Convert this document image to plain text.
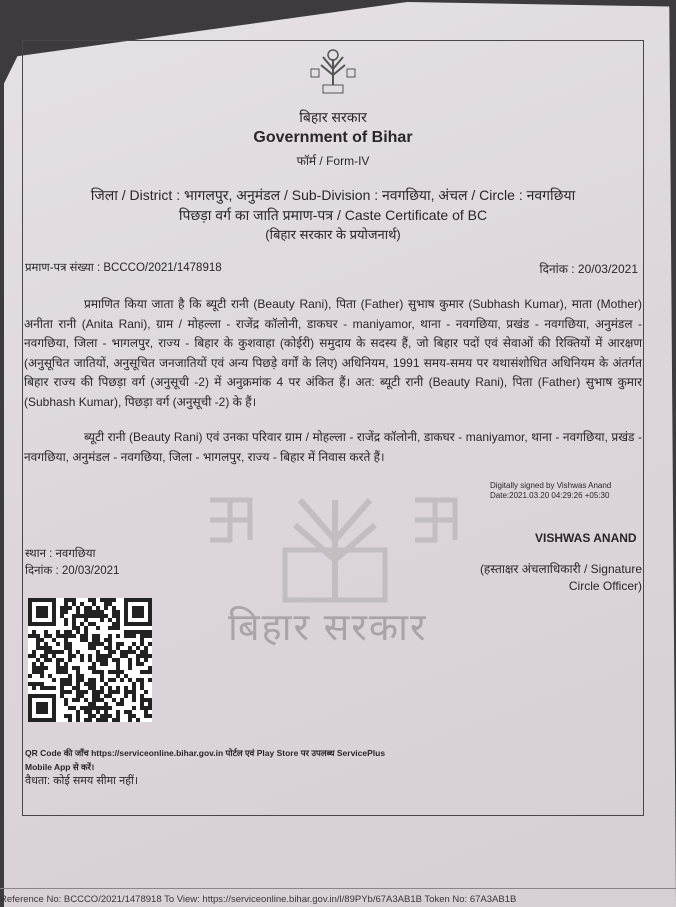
बिहार सरकार
Government of Bihar
फॉर्म / Form-IV
जिला / District : भागलपुर, अनुमंडल / Sub-Division : नवगछिया, अंचल / Circle : नवगछिया
पिछड़ा वर्ग का जाति प्रमाण-पत्र / Caste Certificate of BC
(बिहार सरकार के प्रयोजनार्थ)
प्रमाण-पत्र संख्या : BCCCO/2021/1478918	दिनांक : 20/03/2021
बिहार सरकार
प्रमाणित किया जाता है कि ब्यूटी रानी (Beauty Rani), पिता (Father) सुभाष कुमार (Subhash Kumar), माता (Mother) अनीता रानी (Anita Rani), ग्राम / मोहल्ला - राजेंद्र कॉलोनी, डाकघर - maniyamor, थाना - नवगछिया, प्रखंड - नवगछिया, अनुमंडल - नवगछिया, जिला - भागलपुर, राज्य - बिहार के कुशवाहा (कोईरी) समुदाय के सदस्य हैं, जो बिहार पदों एवं सेवाओं की रिक्तियों में आरक्षण (अनुसूचित जातियों, अनुसूचित जनजातियों एवं अन्य पिछड़े वर्गों के लिए) अधिनियम, 1991 समय-समय पर यथासंशोधित अधिनियम के अंतर्गत बिहार राज्य की पिछड़ा वर्ग (अनुसूची -2) में अनुक्रमांक 4 पर अंकित हैं। अत: ब्यूटी रानी (Beauty Rani), पिता (Father) सुभाष कुमार (Subhash Kumar), पिछड़ा वर्ग (अनुसूची -2) के हैं।
ब्यूटी रानी (Beauty Rani) एवं उनका परिवार ग्राम / मोहल्ला - राजेंद्र कॉलोनी, डाकघर - maniyamor, थाना - नवगछिया, प्रखंड - नवगछिया, अनुमंडल - नवगछिया, जिला - भागलपुर, राज्य - बिहार में निवास करते हैं।
Digitally signed by Vishwas Anand
Date:2021.03.20 04:29:26 +05:30
VISHWAS ANAND
स्थान : नवगछिया
दिनांक : 20/03/2021	(हस्ताक्षर अंचलाधिकारी / Signature Circle Officer)
QR Code की जाँच https://serviceonline.bihar.gov.in पोर्टल एवं Play Store पर उपलब्ध ServicePlus Mobile App से करें।
वैधता: कोई समय सीमा नहीं।
Reference No: BCCCO/2021/1478918 To View: https://serviceonline.bihar.gov.in/l/89PYb/67A3AB1B Token No: 67A3AB1B
